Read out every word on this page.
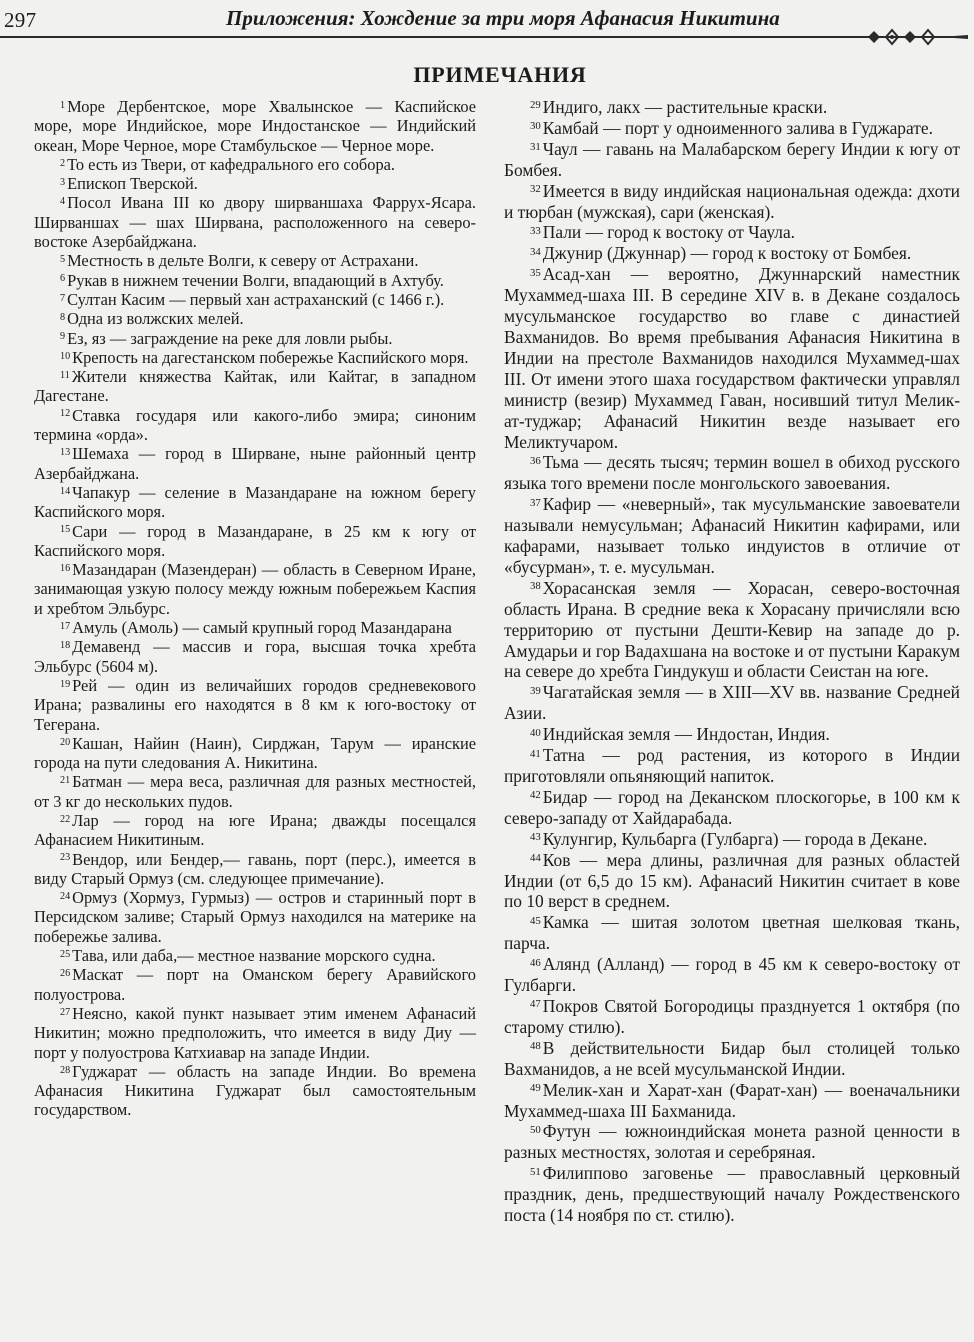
297	Приложения: Хождение за три моря Афанасия Никитина
ПРИМЕЧАНИЯ

$^1$ Море Дербентское, море Хвалынское — Каспийское море, море Индийское, море Индостанское — Индийский океан, Море Черное, море Стамбульское — Черное море.

$^2$ То есть из Твери, от кафедрального его собора.

$^3$ Епископ Тверской.

$^4$ Посол Ивана III ко двору ширваншаха Фаррух-Ясара. Ширваншах — шах Ширвана, расположенного на северо-востоке Азербайджана.

$^5$ Местность в дельте Волги, к северу от Астрахани.

$^6$ Рукав в нижнем течении Волги, впадающий в Ахтубу.

$^7$ Султан Касим — первый хан астраханский (с 1466 г.).

$^8$ Одна из волжских мелей.

$^9$ Ез, яз — заграждение на реке для ловли рыбы.

$^{10}$ Крепость на дагестанском побережье Каспийского моря.

$^{11}$ Жители княжества Кайтак, или Кайтаг, в западном Дагестане.

$^{12}$ Ставка государя или какого-либо эмира; синоним термина «орда».

$^{13}$ Шемаха — город в Ширване, ныне районный центр Азербайджана.

$^{14}$ Чапакур — селение в Мазандаране на южном берегу Каспийского моря.

$^{15}$ Сари — город в Мазандаране, в 25 км к югу от Каспийского моря.

$^{16}$ Мазандаран (Мазендеран) — область в Северном Иране, занимающая узкую полосу между южным побережьем Каспия и хребтом Эльбурс.

$^{17}$ Амуль (Амоль) — самый крупный город Мазандарана

$^{18}$ Демавенд — массив и гора, высшая точка хребта Эльбурс (5604 м).

$^{19}$ Рей — один из величайших городов средневекового Ирана; развалины его находятся в 8 км к юго-востоку от Тегерана.

$^{20}$ Кашан, Найин (Наин), Сирджан, Тарум — иранские города на пути следования А. Никитина.

$^{21}$ Батман — мера веса, различная для разных местностей, от 3 кг до нескольких пудов.

$^{22}$ Лар — город на юге Ирана; дважды посещался Афанасием Никитиным.

$^{23}$ Вендор, или Бендер,— гавань, порт (перс.), имеется в виду Старый Ормуз (см. следующее примечание).

$^{24}$ Ормуз (Хормуз, Гурмыз) — остров и старинный порт в Персидском заливе; Старый Ормуз находился на материке на побережье залива.

$^{25}$ Тава, или даба,— местное название морского судна.

$^{26}$ Маскат — порт на Оманском берегу Аравийского полуострова.

$^{27}$ Неясно, какой пункт называет этим именем Афанасий Никитин; можно предположить, что имеется в виду Диу — порт у полуострова Катхиавар на западе Индии.

$^{28}$ Гуджарат — область на западе Индии. Во времена Афанасия Никитина Гуджарат был самостоятельным государством.

$^{29}$ Индиго, лакх — растительные краски.

$^{30}$ Камбай — порт у одноименного залива в Гуджарате.

$^{31}$ Чаул — гавань на Малабарском берегу Индии к югу от Бомбея.

$^{32}$ Имеется в виду индийская национальная одежда: дхоти и тюрбан (мужская), сари (женская).

$^{33}$ Пали — город к востоку от Чаула.

$^{34}$ Джунир (Джуннар) — город к востоку от Бомбея.

$^{35}$ Асад-хан — вероятно, Джуннарский наместник Мухаммед-шаха III. В середине XIV в. в Декане создалось мусульманское государство во главе с династией Вахманидов. Во время пребывания Афанасия Никитина в Индии на престоле Вахманидов находился Мухаммед-шах III. От имени этого шаха государством фактически управлял министр (везир) Мухаммед Гаван, носивший титул Мелик-ат-туджар; Афанасий Никитин везде называет его Меликтучаром.

$^{36}$ Тьма — десять тысяч; термин вошел в обиход русского языка того времени после монгольского завоевания.

$^{37}$ Кафир — «неверный», так мусульманские завоеватели называли немусульман; Афанасий Никитин кафирами, или кафарами, называет только индуистов в отличие от «бусурман», т. е. мусульман.

$^{38}$ Хорасанская земля — Хорасан, северо-восточная область Ирана. В средние века к Хорасану причисляли всю территорию от пустыни Дешти-Кевир на западе до р. Амударьи и гор Вадахшана на востоке и от пустыни Каракум на севере до хребта Гиндукуш и области Сеистан на юге.

$^{39}$ Чагатайская земля — в XIII—XV вв. название Средней Азии.

$^{40}$ Индийская земля — Индостан, Индия.

$^{41}$ Татна — род растения, из которого в Индии приготовляли опьяняющий напиток.

$^{42}$ Бидар — город на Деканском плоскогорье, в 100 км к северо-западу от Хайдарабада.

$^{43}$ Кулунгир, Кульбарга (Гулбарга) — города в Декане.

$^{44}$ Ков — мера длины, различная для разных областей Индии (от 6,5 до 15 км). Афанасий Никитин считает в кове по 10 верст в среднем.

$^{45}$ Камка — шитая золотом цветная шелковая ткань, парча.

$^{46}$ Алянд (Алланд) — город в 45 км к северо-востоку от Гулбарги.

$^{47}$ Покров Святой Богородицы празднуется 1 октября (по старому стилю).

$^{48}$ В действительности Бидар был столицей только Вахманидов, а не всей мусульманской Индии.

$^{49}$ Мелик-хан и Харат-хан (Фарат-хан) — военачальники Мухаммед-шаха III Бахманида.

$^{50}$ Футун — южноиндийская монета разной ценности в разных местностях, золотая и серебряная.

$^{51}$ Филиппово заговенье — православный церковный праздник, день, предшествующий началу Рождественского поста (14 ноября по ст. стилю).
